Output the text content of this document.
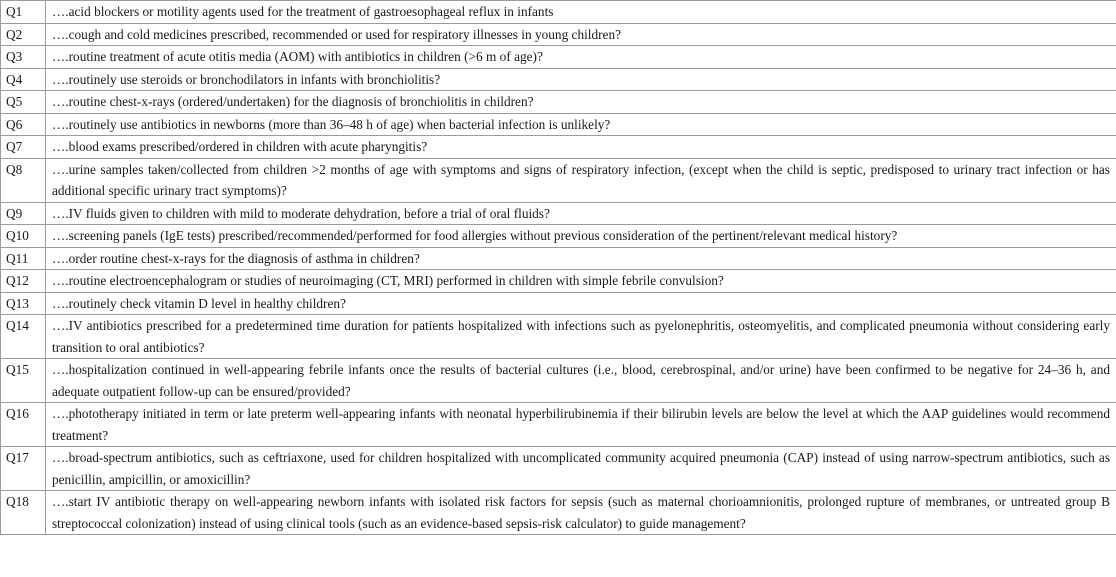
Q1	….acid blockers or motility agents used for the treatment of gastroesophageal reflux in infants
Q2	….cough and cold medicines prescribed, recommended or used for respiratory illnesses in young children?
Q3	….routine treatment of acute otitis media (AOM) with antibiotics in children (>6 m of age)?
Q4	….routinely use steroids or bronchodilators in infants with bronchiolitis?
Q5	….routine chest-x-rays (ordered/undertaken) for the diagnosis of bronchiolitis in children?
Q6	….routinely use antibiotics in newborns (more than 36–48 h of age) when bacterial infection is unlikely?
Q7	….blood exams prescribed/ordered in children with acute pharyngitis?
Q8	….urine samples taken/collected from children >2 months of age with symptoms and signs of respiratory infection, (except when the child is septic, predisposed to urinary tract infection or has additional specific urinary tract symptoms)?
Q9	….IV fluids given to children with mild to moderate dehydration, before a trial of oral fluids?
Q10	….screening panels (IgE tests) prescribed/recommended/performed for food allergies without previous consideration of the pertinent/relevant medical history?
Q11	….order routine chest-x-rays for the diagnosis of asthma in children?
Q12	….routine electroencephalogram or studies of neuroimaging (CT, MRI) performed in children with simple febrile convulsion?
Q13	….routinely check vitamin D level in healthy children?
Q14	….IV antibiotics prescribed for a predetermined time duration for patients hospitalized with infections such as pyelonephritis, osteomyelitis, and complicated pneumonia without considering early transition to oral antibiotics?
Q15	….hospitalization continued in well-appearing febrile infants once the results of bacterial cultures (i.e., blood, cerebrospinal, and/or urine) have been confirmed to be negative for 24–36 h, and adequate outpatient follow-up can be ensured/provided?
Q16	….phototherapy initiated in term or late preterm well-appearing infants with neonatal hyperbilirubinemia if their bilirubin levels are below the level at which the AAP guidelines would recommend treatment?
Q17	….broad-spectrum antibiotics, such as ceftriaxone, used for children hospitalized with uncomplicated community acquired pneumonia (CAP) instead of using narrow-spectrum antibiotics, such as penicillin, ampicillin, or amoxicillin?
Q18	….start IV antibiotic therapy on well-appearing newborn infants with isolated risk factors for sepsis (such as maternal chorioamnionitis, prolonged rupture of membranes, or untreated group B streptococcal colonization) instead of using clinical tools (such as an evidence-based sepsis-risk calculator) to guide management?
